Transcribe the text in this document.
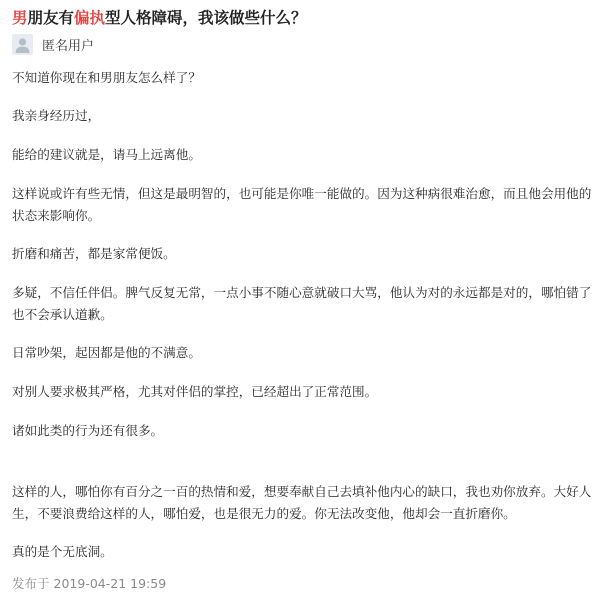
男朋友有偏执型人格障碍，我该做些什么？
匿名用户

不知道你现在和男朋友怎么样了？

我亲身经历过，

能给的建议就是，请马上远离他。

这样说或许有些无情，但这是最明智的，也可能是你唯一能做的。因为这种病很难治愈，而且他会用他的状态来影响你。

折磨和痛苦，都是家常便饭。

多疑，不信任伴侣。脾气反复无常，一点小事不随心意就破口大骂，他认为对的永远都是对的，哪怕错了也不会承认道歉。

日常吵架，起因都是他的不满意。

对别人要求极其严格，尤其对伴侣的掌控，已经超出了正常范围。

诸如此类的行为还有很多。

这样的人，哪怕你有百分之一百的热情和爱，想要奉献自己去填补他内心的缺口，我也劝你放弃。大好人生，不要浪费给这样的人，哪怕爱，也是很无力的爱。你无法改变他，他却会一直折磨你。

真的是个无底洞。

发布于 2019-04-21 19:59
